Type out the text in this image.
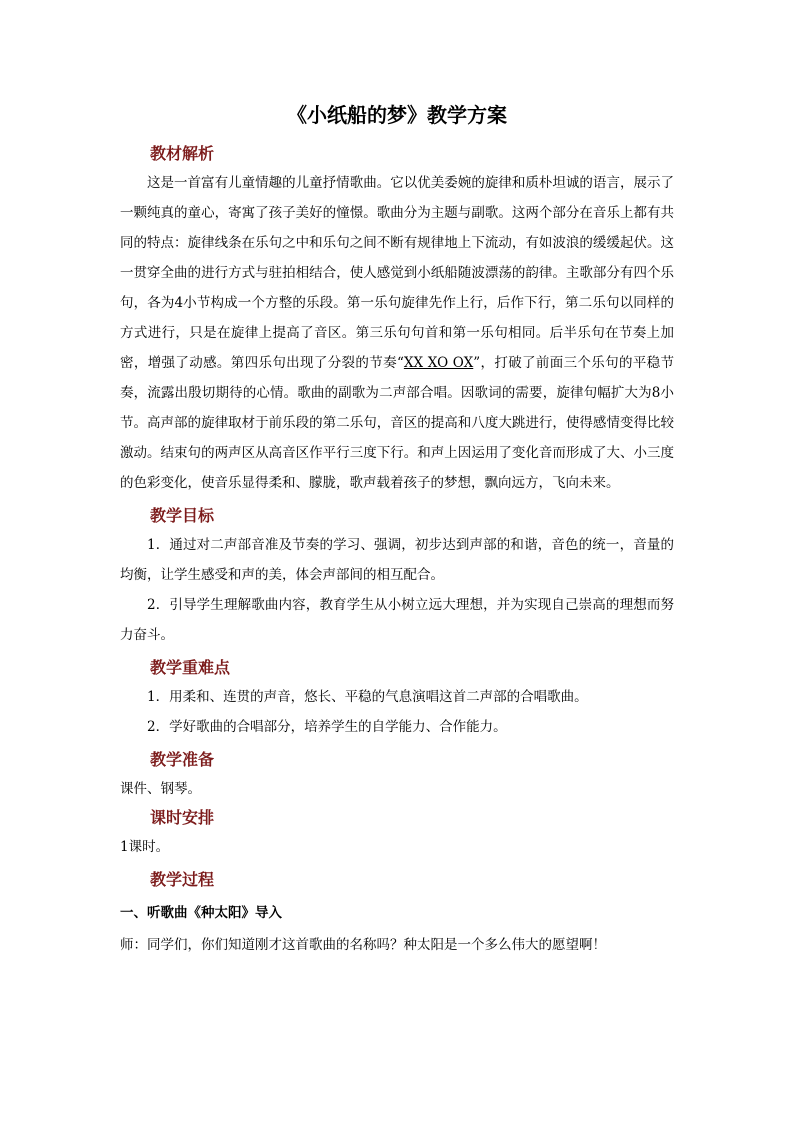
《小纸船的梦》教学方案
教材解析

这是一首富有儿童情趣的儿童抒情歌曲。它以优美委婉的旋律和质朴坦诚的语言，展示了一颗纯真的童心，寄寓了孩子美好的憧憬。歌曲分为主题与副歌。这两个部分在音乐上都有共同的特点：旋律线条在乐句之中和乐句之间不断有规律地上下流动，有如波浪的缓缓起伏。这一贯穿全曲的进行方式与驻拍相结合，使人感觉到小纸船随波漂荡的韵律。主歌部分有四个乐句，各为4小节构成一个方整的乐段。第一乐句旋律先作上行，后作下行，第二乐句以同样的方式进行，只是在旋律上提高了音区。第三乐句句首和第一乐句相同。后半乐句在节奏上加密，增强了动感。第四乐句出现了分裂的节奏“XX XO OX”，打破了前面三个乐句的平稳节奏，流露出殷切期待的心情。歌曲的副歌为二声部合唱。因歌词的需要，旋律句幅扩大为8小节。高声部的旋律取材于前乐段的第二乐句，音区的提高和八度大跳进行，使得感情变得比较激动。结束句的两声区从高音区作平行三度下行。和声上因运用了变化音而形成了大、小三度的色彩变化，使音乐显得柔和、朦胧，歌声载着孩子的梦想，飘向远方，飞向未来。

教学目标

1．通过对二声部音准及节奏的学习、强调，初步达到声部的和谐，音色的统一，音量的均衡，让学生感受和声的美，体会声部间的相互配合。

2．引导学生理解歌曲内容，教育学生从小树立远大理想，并为实现自己崇高的理想而努力奋斗。

教学重难点

1．用柔和、连贯的声音，悠长、平稳的气息演唱这首二声部的合唱歌曲。

2．学好歌曲的合唱部分，培养学生的自学能力、合作能力。

教学准备

课件、钢琴。

课时安排

1课时。

教学过程
一、听歌曲《种太阳》导入

师：同学们，你们知道刚才这首歌曲的名称吗？种太阳是一个多么伟大的愿望啊！
